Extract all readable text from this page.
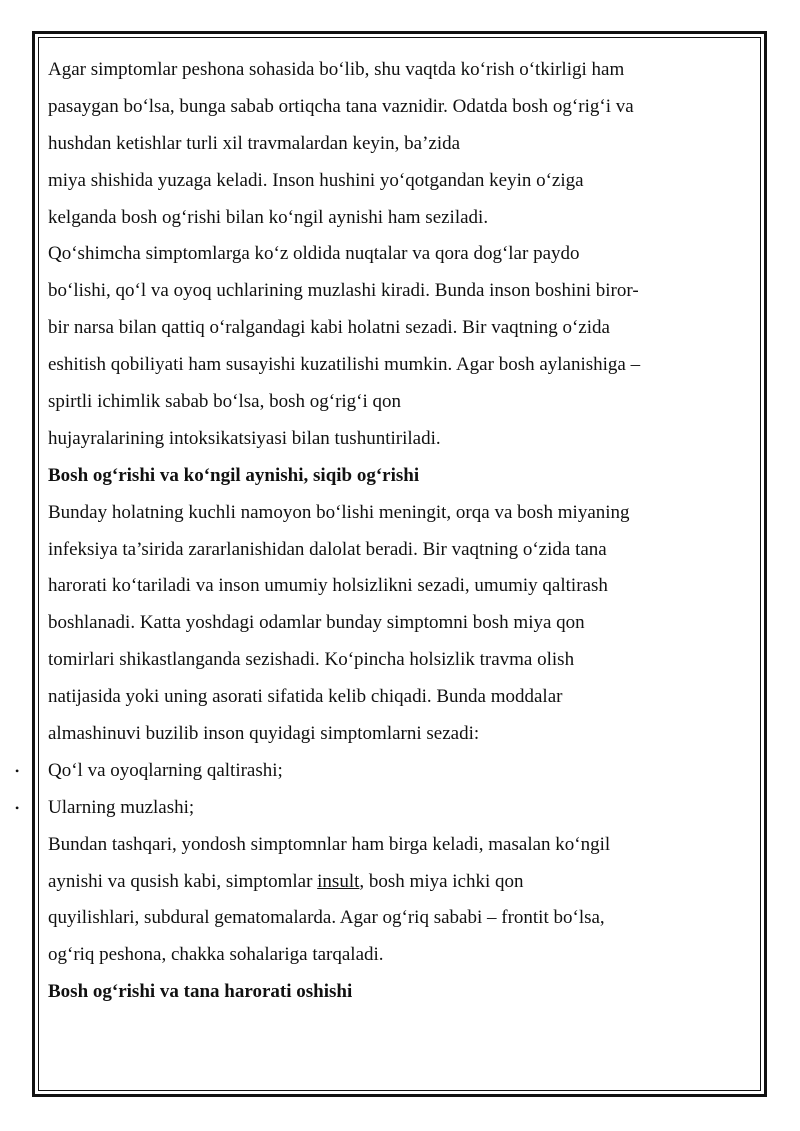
Agar simptomlar peshona sohasida bo‘lib, shu vaqtda ko‘rish o‘tkirligi ham
pasaygan bo‘lsa, bunga sabab ortiqcha tana vaznidir. Odatda bosh og‘rig‘i va
hushdan ketishlar turli xil travmalardan keyin, ba’zida
miya shishida yuzaga keladi. Inson hushini yo‘qotgandan keyin o‘ziga
kelganda bosh og‘rishi bilan ko‘ngil aynishi ham seziladi.
Qo‘shimcha simptomlarga ko‘z oldida nuqtalar va qora dog‘lar paydo
bo‘lishi, qo‘l va oyoq uchlarining muzlashi kiradi. Bunda inson boshini biror-
bir narsa bilan qattiq o‘ralgandagi kabi holatni sezadi. Bir vaqtning o‘zida
eshitish qobiliyati ham susayishi kuzatilishi mumkin. Agar bosh aylanishiga –
spirtli ichimlik sabab bo‘lsa, bosh og‘rig‘i qon
hujayralarining intoksikatsiyasi bilan tushuntiriladi.
Bosh og‘rishi va ko‘ngil aynishi, siqib og‘rishi
Bunday holatning kuchli namoyon bo‘lishi meningit, orqa va bosh miyaning
infeksiya ta’sirida zararlanishidan dalolat beradi. Bir vaqtning o‘zida tana
harorati ko‘tariladi va inson umumiy holsizlikni sezadi, umumiy qaltirash
boshlanadi. Katta yoshdagi odamlar bunday simptomni bosh miya qon
tomirlari shikastlanganda sezishadi. Ko‘pincha holsizlik travma olish
natijasida yoki uning asorati sifatida kelib chiqadi. Bunda moddalar
almashinuvi buzilib inson quyidagi simptomlarni sezadi:
• Qo‘l va oyoqlarning qaltirashi;
• Ularning muzlashi;
Bundan tashqari, yondosh simptomnlar ham birga keladi, masalan ko‘ngil
aynishi va qusish kabi, simptomlar insult, bosh miya ichki qon
quyilishlari, subdural gematomalarda. Agar og‘riq sababi – frontit bo‘lsa,
og‘riq peshona, chakka sohalariga tarqaladi.
Bosh og‘rishi va tana harorati oshishi
